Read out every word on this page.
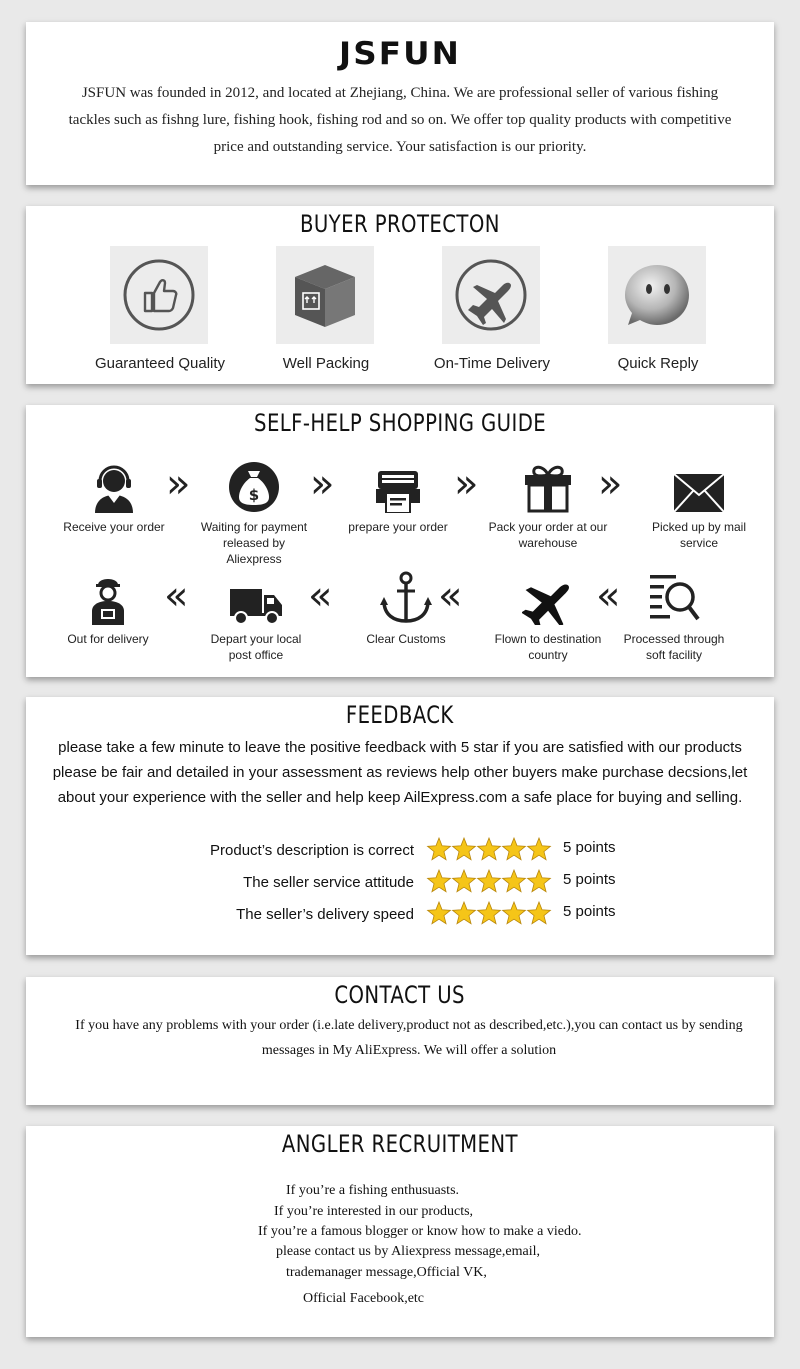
JSFUN
JSFUN was founded in 2012, and located at Zhejiang, China. We are professional seller of various fishing
tackles such as fishng lure, fishing hook, fishing rod and so on. We offer top quality products with competitive
price and outstanding service. Your satisfaction is our priority.
BUYER PROTECTON
Guaranteed Quality	Well Packing	On-Time Delivery	Quick Reply
SELF-HELP SHOPPING GUIDE
Receive your order
»	$
Waiting for payment released by Aliexpress
»
prepare your order
»
Pack your order at our warehouse
»
Picked up by mail service
Out for delivery
«
Depart your local post office
«
Clear Customs
«
Flown to destination country
«
Processed through soft facility
FEEDBACK
please take a few minute to leave the positive feedback with 5 star if you are satisfied with our products
please be fair and detailed in your assessment as reviews help other buyers make purchase decsions,let
about your experience with the seller and help keep AilExpress.com a safe place for buying and selling.
Product’s description is correct	5 points
The seller service attitude	5 points
The seller’s delivery speed	5 points
CONTACT US
If you have any problems with your order (i.e.late delivery,product not as described,etc.),you can contact us by sending
messages in My AliExpress. We will offer a solution
ANGLER RECRUITMENT
If you’re a fishing enthusuasts.
If you’re interested in our products,
If you’re a famous blogger or know how to make a viedo.
please contact us by Aliexpress message,email,
trademanager message,Official VK,
Official Facebook,etc
